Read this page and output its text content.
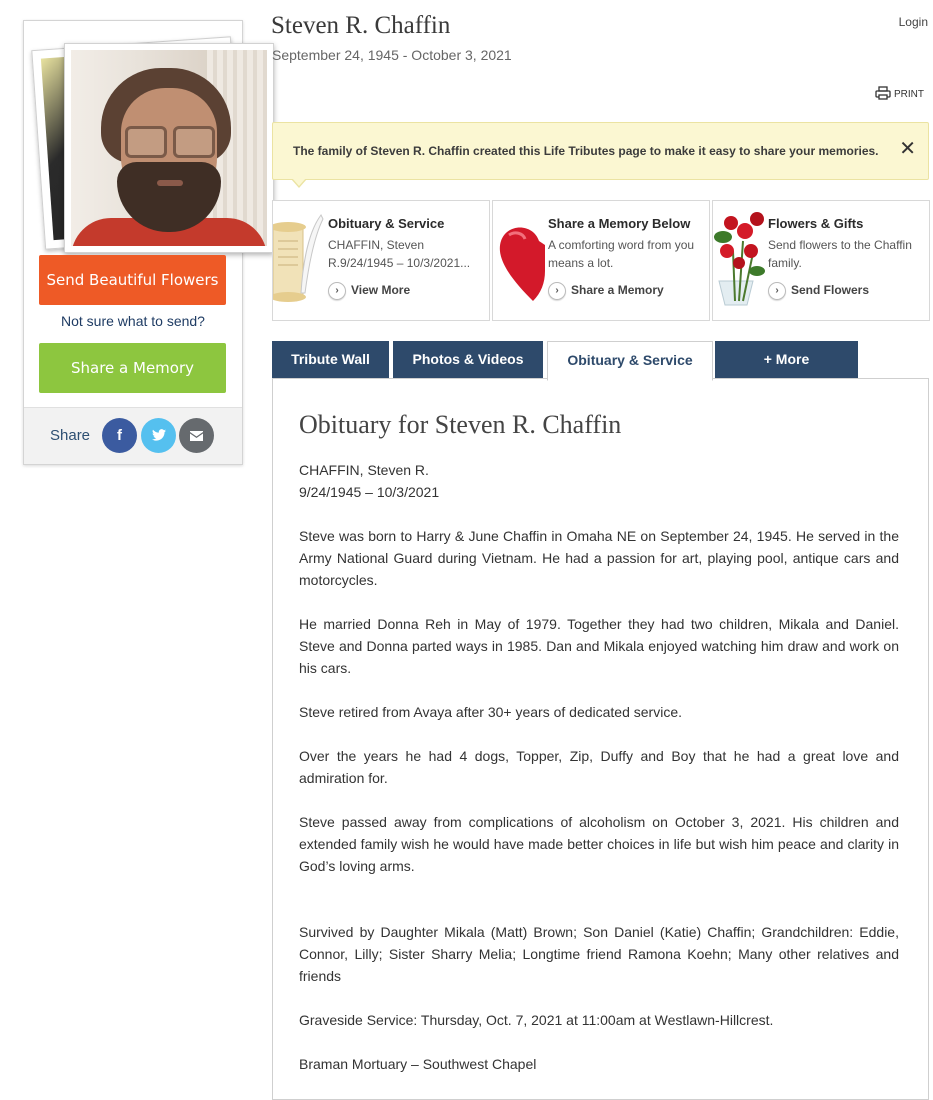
Send Beautiful Flowers
Not sure what to send?
Share a Memory
Share	f
Steven R. Chaffin
September 24, 1945 - October 3, 2021
Login
PRINT
The family of Steven R. Chaffin created this Life Tributes page to make it easy to share your memories. ✕
Obituary & Service
CHAFFIN, Steven R.9/24/1945 – 10/3/2021...
› View More
Share a Memory Below
A comforting word from you means a lot.
› Share a Memory
Flowers & Gifts
Send flowers to the Chaffin family.
› Send Flowers
Tribute Wall	Photos & Videos	Obituary & Service	+ More
Obituary for Steven R. Chaffin

CHAFFIN, Steven R.

9/24/1945 – 10/3/2021

Steve was born to Harry & June Chaffin in Omaha NE on September 24, 1945. He served in the Army National Guard during Vietnam. He had a passion for art, playing pool, antique cars and motorcycles.

He married Donna Reh in May of 1979. Together they had two children, Mikala and Daniel. Steve and Donna parted ways in 1985. Dan and Mikala enjoyed watching him draw and work on his cars.

Steve retired from Avaya after 30+ years of dedicated service.

Over the years he had 4 dogs, Topper, Zip, Duffy and Boy that he had a great love and admiration for.

Steve passed away from complications of alcoholism on October 3, 2021. His children and extended family wish he would have made better choices in life but wish him peace and clarity in God’s loving arms.

Survived by Daughter Mikala (Matt) Brown; Son Daniel (Katie) Chaffin; Grandchildren: Eddie, Connor, Lilly; Sister Sharry Melia; Longtime friend Ramona Koehn; Many other relatives and friends

Graveside Service: Thursday, Oct. 7, 2021 at 11:00am at Westlawn-Hillcrest.

Braman Mortuary – Southwest Chapel
